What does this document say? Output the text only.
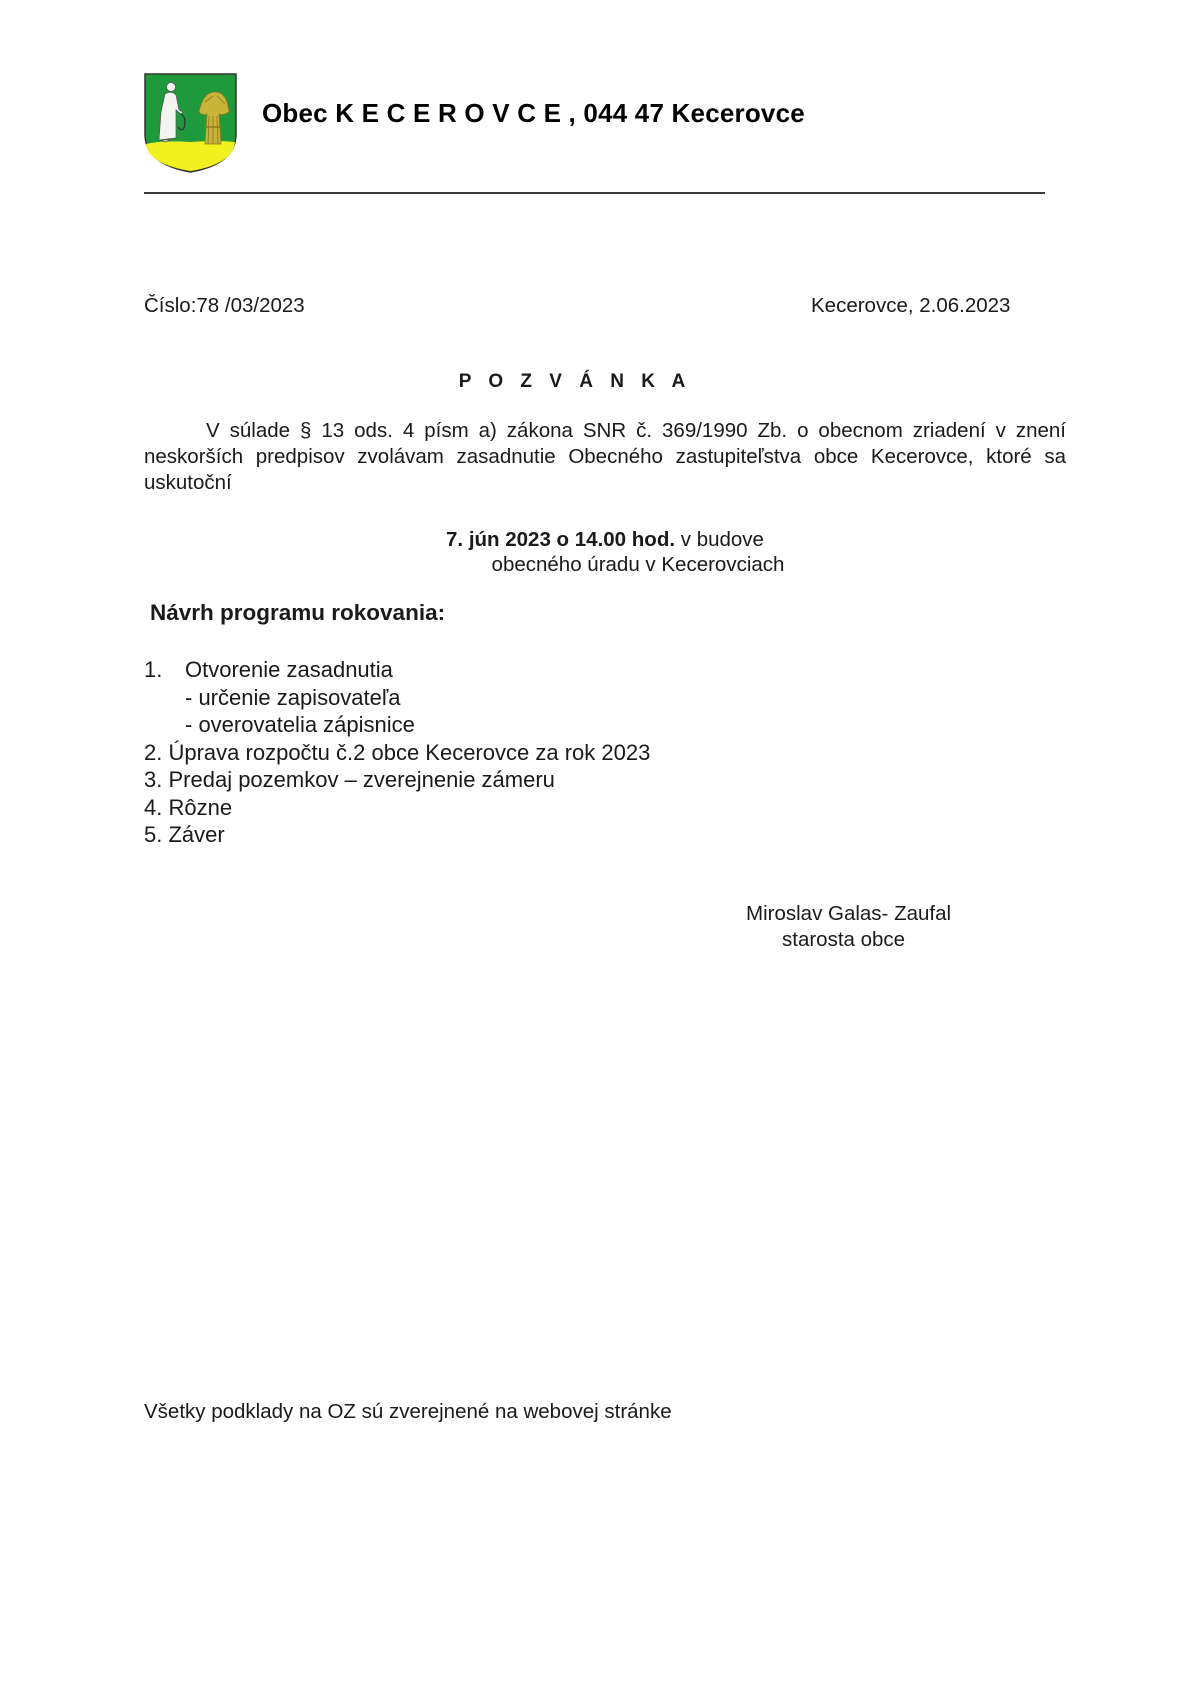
Obec K E C E R O V C E , 044 47 Kecerovce
Číslo:78 /03/2023	Kecerovce, 2.06.2023
P O Z V Á N K A
V súlade § 13 ods. 4 písm a) zákona SNR č. 369/1990 Zb. o obecnom zriadení v znení neskorších predpisov zvolávam zasadnutie Obecného zastupiteľstva obce Kecerovce, ktoré sa uskutoční
7. jún 2023 o 14.00 hod. v budove
obecného úradu v Kecerovciach
Návrh programu rokovania:
1. Otvorenie zasadnutia
- určenie zapisovateľa
- overovatelia zápisnice
2. Úprava rozpočtu č.2 obce Kecerovce za rok 2023
3. Predaj pozemkov – zverejnenie zámeru
4. Rôzne
5. Záver
Miroslav Galas- Zaufal
starosta obce
Všetky podklady na OZ sú zverejnené na webovej stránke
